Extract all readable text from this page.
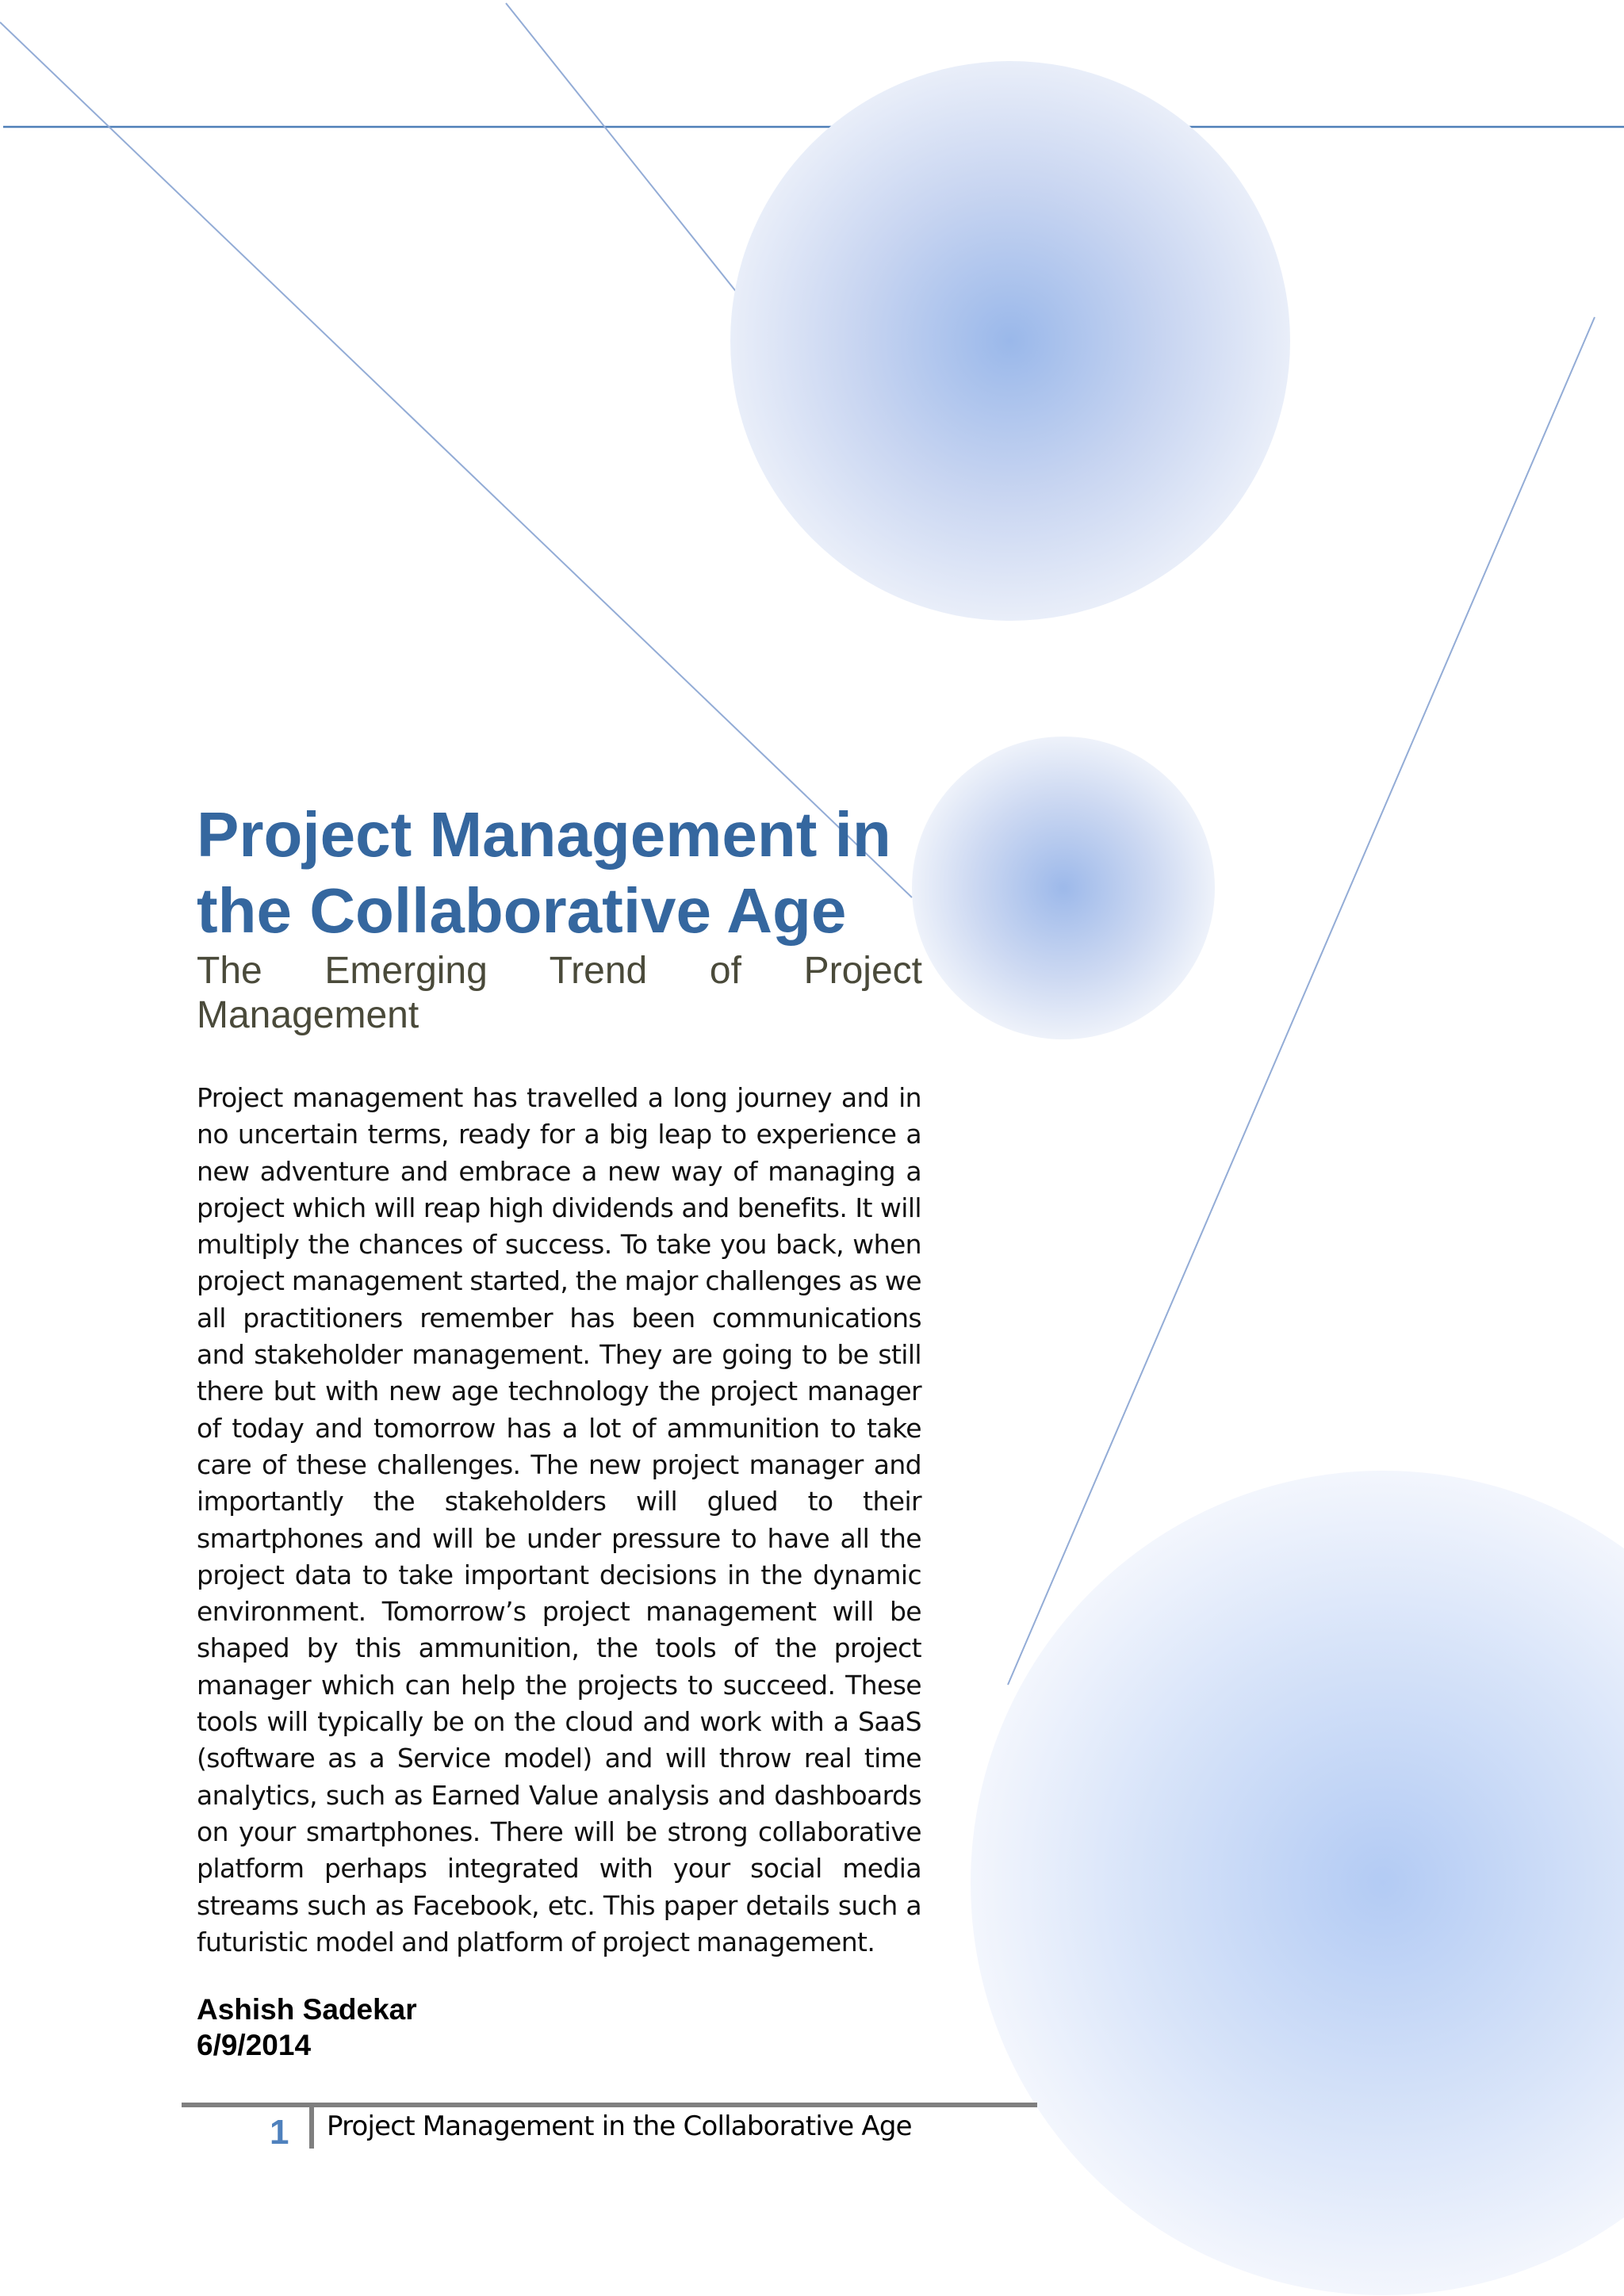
Project Management in the Collaborative Age

The Emerging Trend of Project Management

Project management has travelled a long journey and in no uncertain terms, ready for a big leap to experience a new adventure and embrace a new way of managing a project which will reap high dividends and benefits. It will multiply the chances of success. To take you back, when project management started, the major challenges as we all practitioners remember has been communications and stakeholder management. They are going to be still there but with new age technology the project manager of today and tomorrow has a lot of ammunition to take care of these challenges. The new project manager and importantly the stakeholders will glued to their smartphones and will be under pressure to have all the project data to take important decisions in the dynamic environment. Tomorrow’s project management will be shaped by this ammunition, the tools of the project manager which can help the projects to succeed. These tools will typically be on the cloud and work with a SaaS (software as a Service model) and will throw real time analytics, such as Earned Value analysis and dashboards on your smartphones. There will be strong collaborative platform perhaps integrated with your social media streams such as Facebook, etc. This paper details such a futuristic model and platform of project management.

Ashish Sadekar
6/9/2014
1 Project Management in the Collaborative Age
